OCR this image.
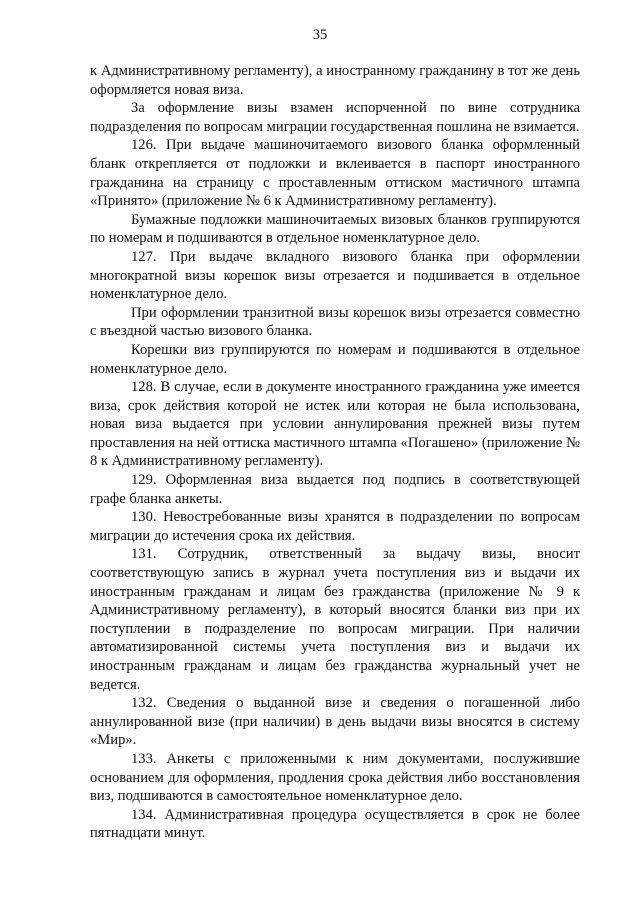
35

к Административному регламенту), а иностранному гражданину в тот же день оформляется новая виза.

За оформление визы взамен испорченной по вине сотрудника подразделения по вопросам миграции государственная пошлина не взимается.

126. При выдаче машиночитаемого визового бланка оформленный бланк открепляется от подложки и вклеивается в паспорт иностранного гражданина на страницу с проставленным оттиском мастичного штампа «Принято» (приложение № 6 к Административному регламенту).

Бумажные подложки машиночитаемых визовых бланков группируются по номерам и подшиваются в отдельное номенклатурное дело.

127. При выдаче вкладного визового бланка при оформлении многократной визы корешок визы отрезается и подшивается в отдельное номенклатурное дело.

При оформлении транзитной визы корешок визы отрезается совместно с въездной частью визового бланка.

Корешки виз группируются по номерам и подшиваются в отдельное номенклатурное дело.

128. В случае, если в документе иностранного гражданина уже имеется виза, срок действия которой не истек или которая не была использована, новая виза выдается при условии аннулирования прежней визы путем проставления на ней оттиска мастичного штампа «Погашено» (приложение № 8 к Административному регламенту).

129. Оформленная виза выдается под подпись в соответствующей графе бланка анкеты.

130. Невостребованные визы хранятся в подразделении по вопросам миграции до истечения срока их действия.

131. Сотрудник, ответственный за выдачу визы, вносит соответствующую запись в журнал учета поступления виз и выдачи их иностранным гражданам и лицам без гражданства (приложение № 9 к Административному регламенту), в который вносятся бланки виз при их поступлении в подразделение по вопросам миграции. При наличии автоматизированной системы учета поступления виз и выдачи их иностранным гражданам и лицам без гражданства журнальный учет не ведется.

132. Сведения о выданной визе и сведения о погашенной либо аннулированной визе (при наличии) в день выдачи визы вносятся в систему «Мир».

133. Анкеты с приложенными к ним документами, послужившие основанием для оформления, продления срока действия либо восстановления виз, подшиваются в самостоятельное номенклатурное дело.

134. Административная процедура осуществляется в срок не более пятнадцати минут.
